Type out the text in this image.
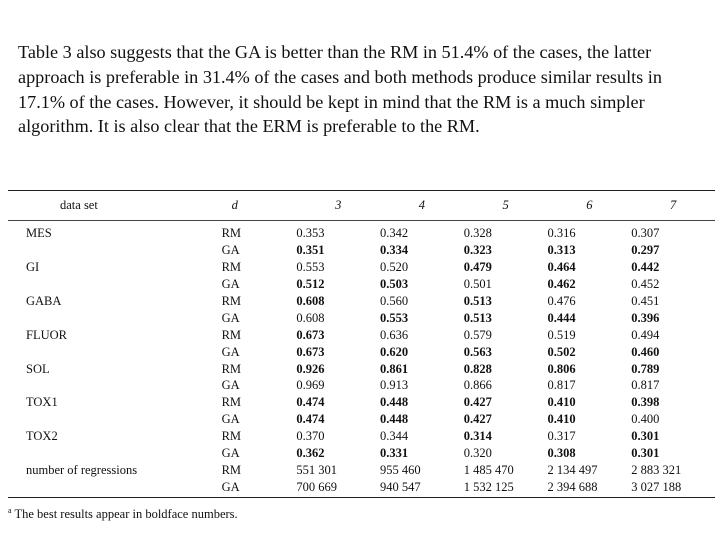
Table 3 also suggests that the GA is better than the RM in 51.4% of the cases, the latter approach is preferable in 31.4% of the cases and both methods produce similar results in 17.1% of the cases. However, it should be kept in mind that the RM is a much simpler algorithm. It is also clear that the ERM is preferable to the RM.

data set	d	3	4	5	6	7
MES	RM	0.353	0.342	0.328	0.316	0.307
	GA	0.351	0.334	0.323	0.313	0.297
GI	RM	0.553	0.520	0.479	0.464	0.442
	GA	0.512	0.503	0.501	0.462	0.452
GABA	RM	0.608	0.560	0.513	0.476	0.451
	GA	0.608	0.553	0.513	0.444	0.396
FLUOR	RM	0.673	0.636	0.579	0.519	0.494
	GA	0.673	0.620	0.563	0.502	0.460
SOL	RM	0.926	0.861	0.828	0.806	0.789
	GA	0.969	0.913	0.866	0.817	0.817
TOX1	RM	0.474	0.448	0.427	0.410	0.398
	GA	0.474	0.448	0.427	0.410	0.400
TOX2	RM	0.370	0.344	0.314	0.317	0.301
	GA	0.362	0.331	0.320	0.308	0.301
number of regressions	RM	551 301	955 460	1 485 470	2 134 497	2 883 321
	GA	700 669	940 547	1 532 125	2 394 688	3 027 188
$^a$ The best results appear in boldface numbers.
